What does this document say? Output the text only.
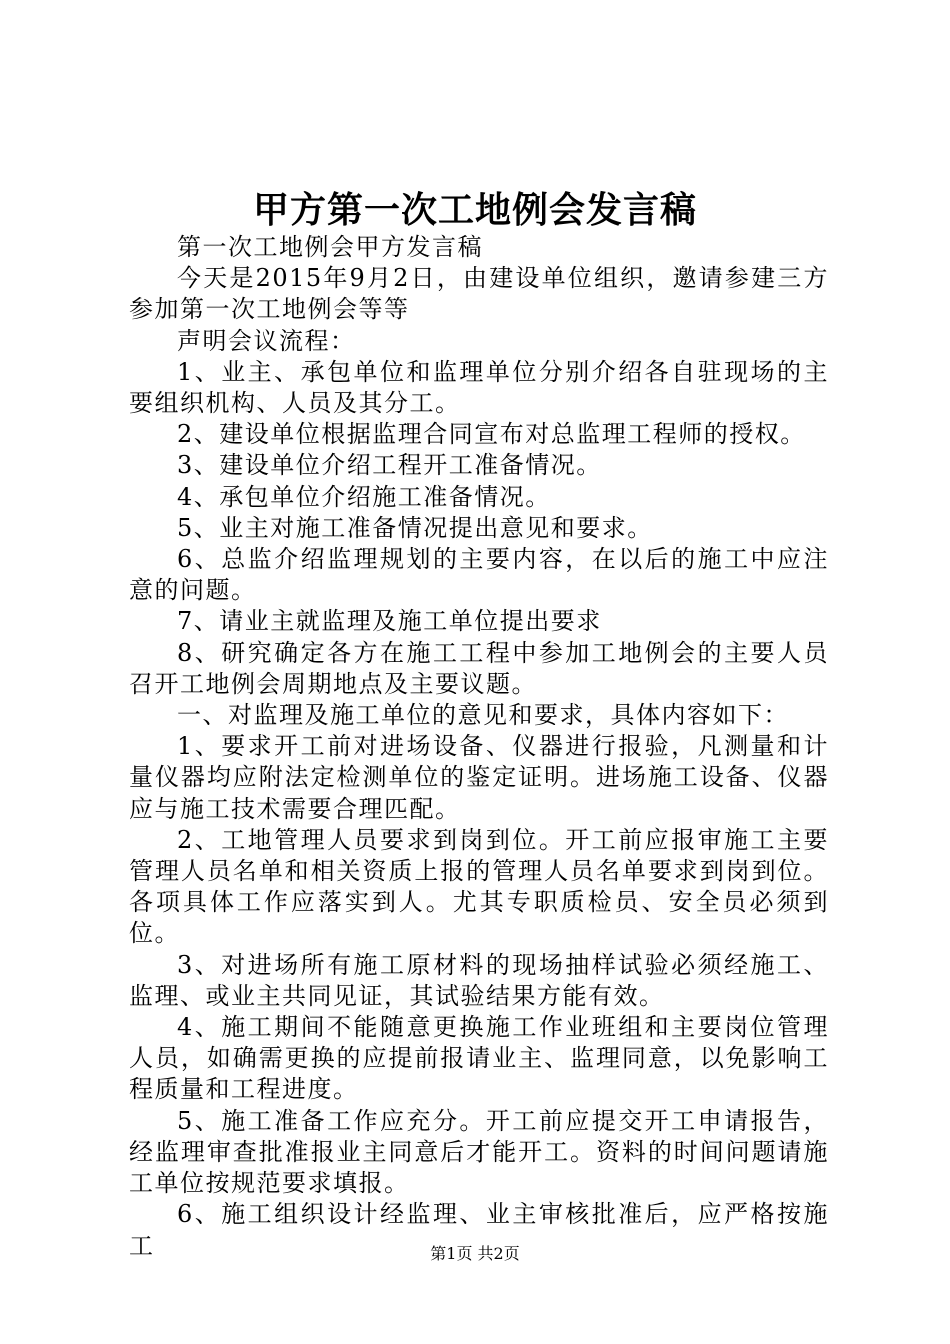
甲方第一次工地例会发言稿

第一次工地例会甲方发言稿

今天是2015年9月2日，由建设单位组织，邀请参建三方参加第一次工地例会等等

声明会议流程：

1、业主、承包单位和监理单位分别介绍各自驻现场的主要组织机构、人员及其分工。

2、建设单位根据监理合同宣布对总监理工程师的授权。

3、建设单位介绍工程开工准备情况。

4、承包单位介绍施工准备情况。

5、业主对施工准备情况提出意见和要求。

6、总监介绍监理规划的主要内容，在以后的施工中应注意的问题。

7、请业主就监理及施工单位提出要求

8、研究确定各方在施工工程中参加工地例会的主要人员召开工地例会周期地点及主要议题。

一、对监理及施工单位的意见和要求，具体内容如下：

1、要求开工前对进场设备、仪器进行报验，凡测量和计量仪器均应附法定检测单位的鉴定证明。进场施工设备、仪器应与施工技术需要合理匹配。

2、工地管理人员要求到岗到位。开工前应报审施工主要管理人员名单和相关资质上报的管理人员名单要求到岗到位。各项具体工作应落实到人。尤其专职质检员、安全员必须到位。

3、对进场所有施工原材料的现场抽样试验必须经施工、监理、或业主共同见证，其试验结果方能有效。

4、施工期间不能随意更换施工作业班组和主要岗位管理人员，如确需更换的应提前报请业主、监理同意，以免影响工程质量和工程进度。

5、施工准备工作应充分。开工前应提交开工申请报告，经监理审查批准报业主同意后才能开工。资料的时间问题请施工单位按规范要求填报。

6、施工组织设计经监理、业主审核批准后，应严格按施工	第1页 共2页
